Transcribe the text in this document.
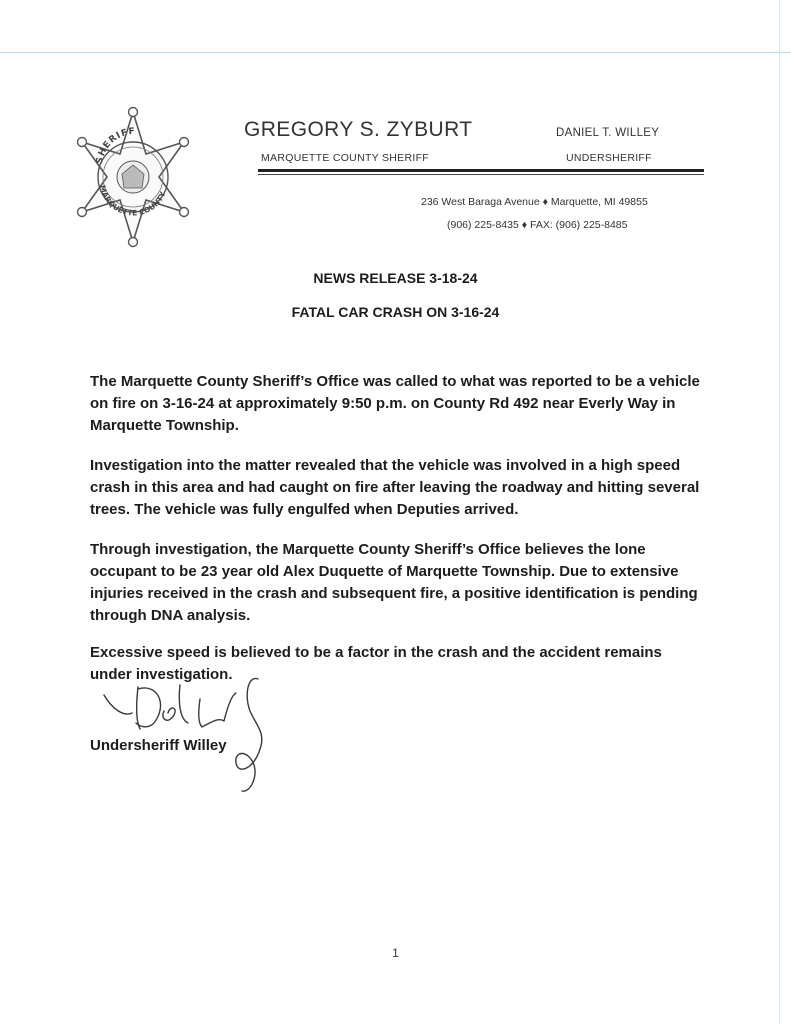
SHERIFF
MARQUETTE COUNTY
GREGORY S. ZYBURT
MARQUETTE COUNTY SHERIFF
DANIEL T. WILLEY
UNDERSHERIFF
236 West Baraga Avenue ♦ Marquette, MI 49855
(906) 225-8435 ♦ FAX: (906) 225-8485
NEWS RELEASE 3-18-24
FATAL CAR CRASH ON 3-16-24

The Marquette County Sheriff’s Office was called to what was reported to be a vehicle on fire on 3-16-24 at approximately 9:50 p.m. on County Rd 492 near Everly Way in Marquette Township.

Investigation into the matter revealed that the vehicle was involved in a high speed crash in this area and had caught on fire after leaving the roadway and hitting several trees. The vehicle was fully engulfed when Deputies arrived.

Through investigation, the Marquette County Sheriff’s Office believes the lone occupant to be 23 year old Alex Duquette of Marquette Township. Due to extensive injuries received in the crash and subsequent fire, a positive identification is pending through DNA analysis.

Excessive speed is believed to be a factor in the crash and the accident remains under investigation.

Undersheriff Willey
1
